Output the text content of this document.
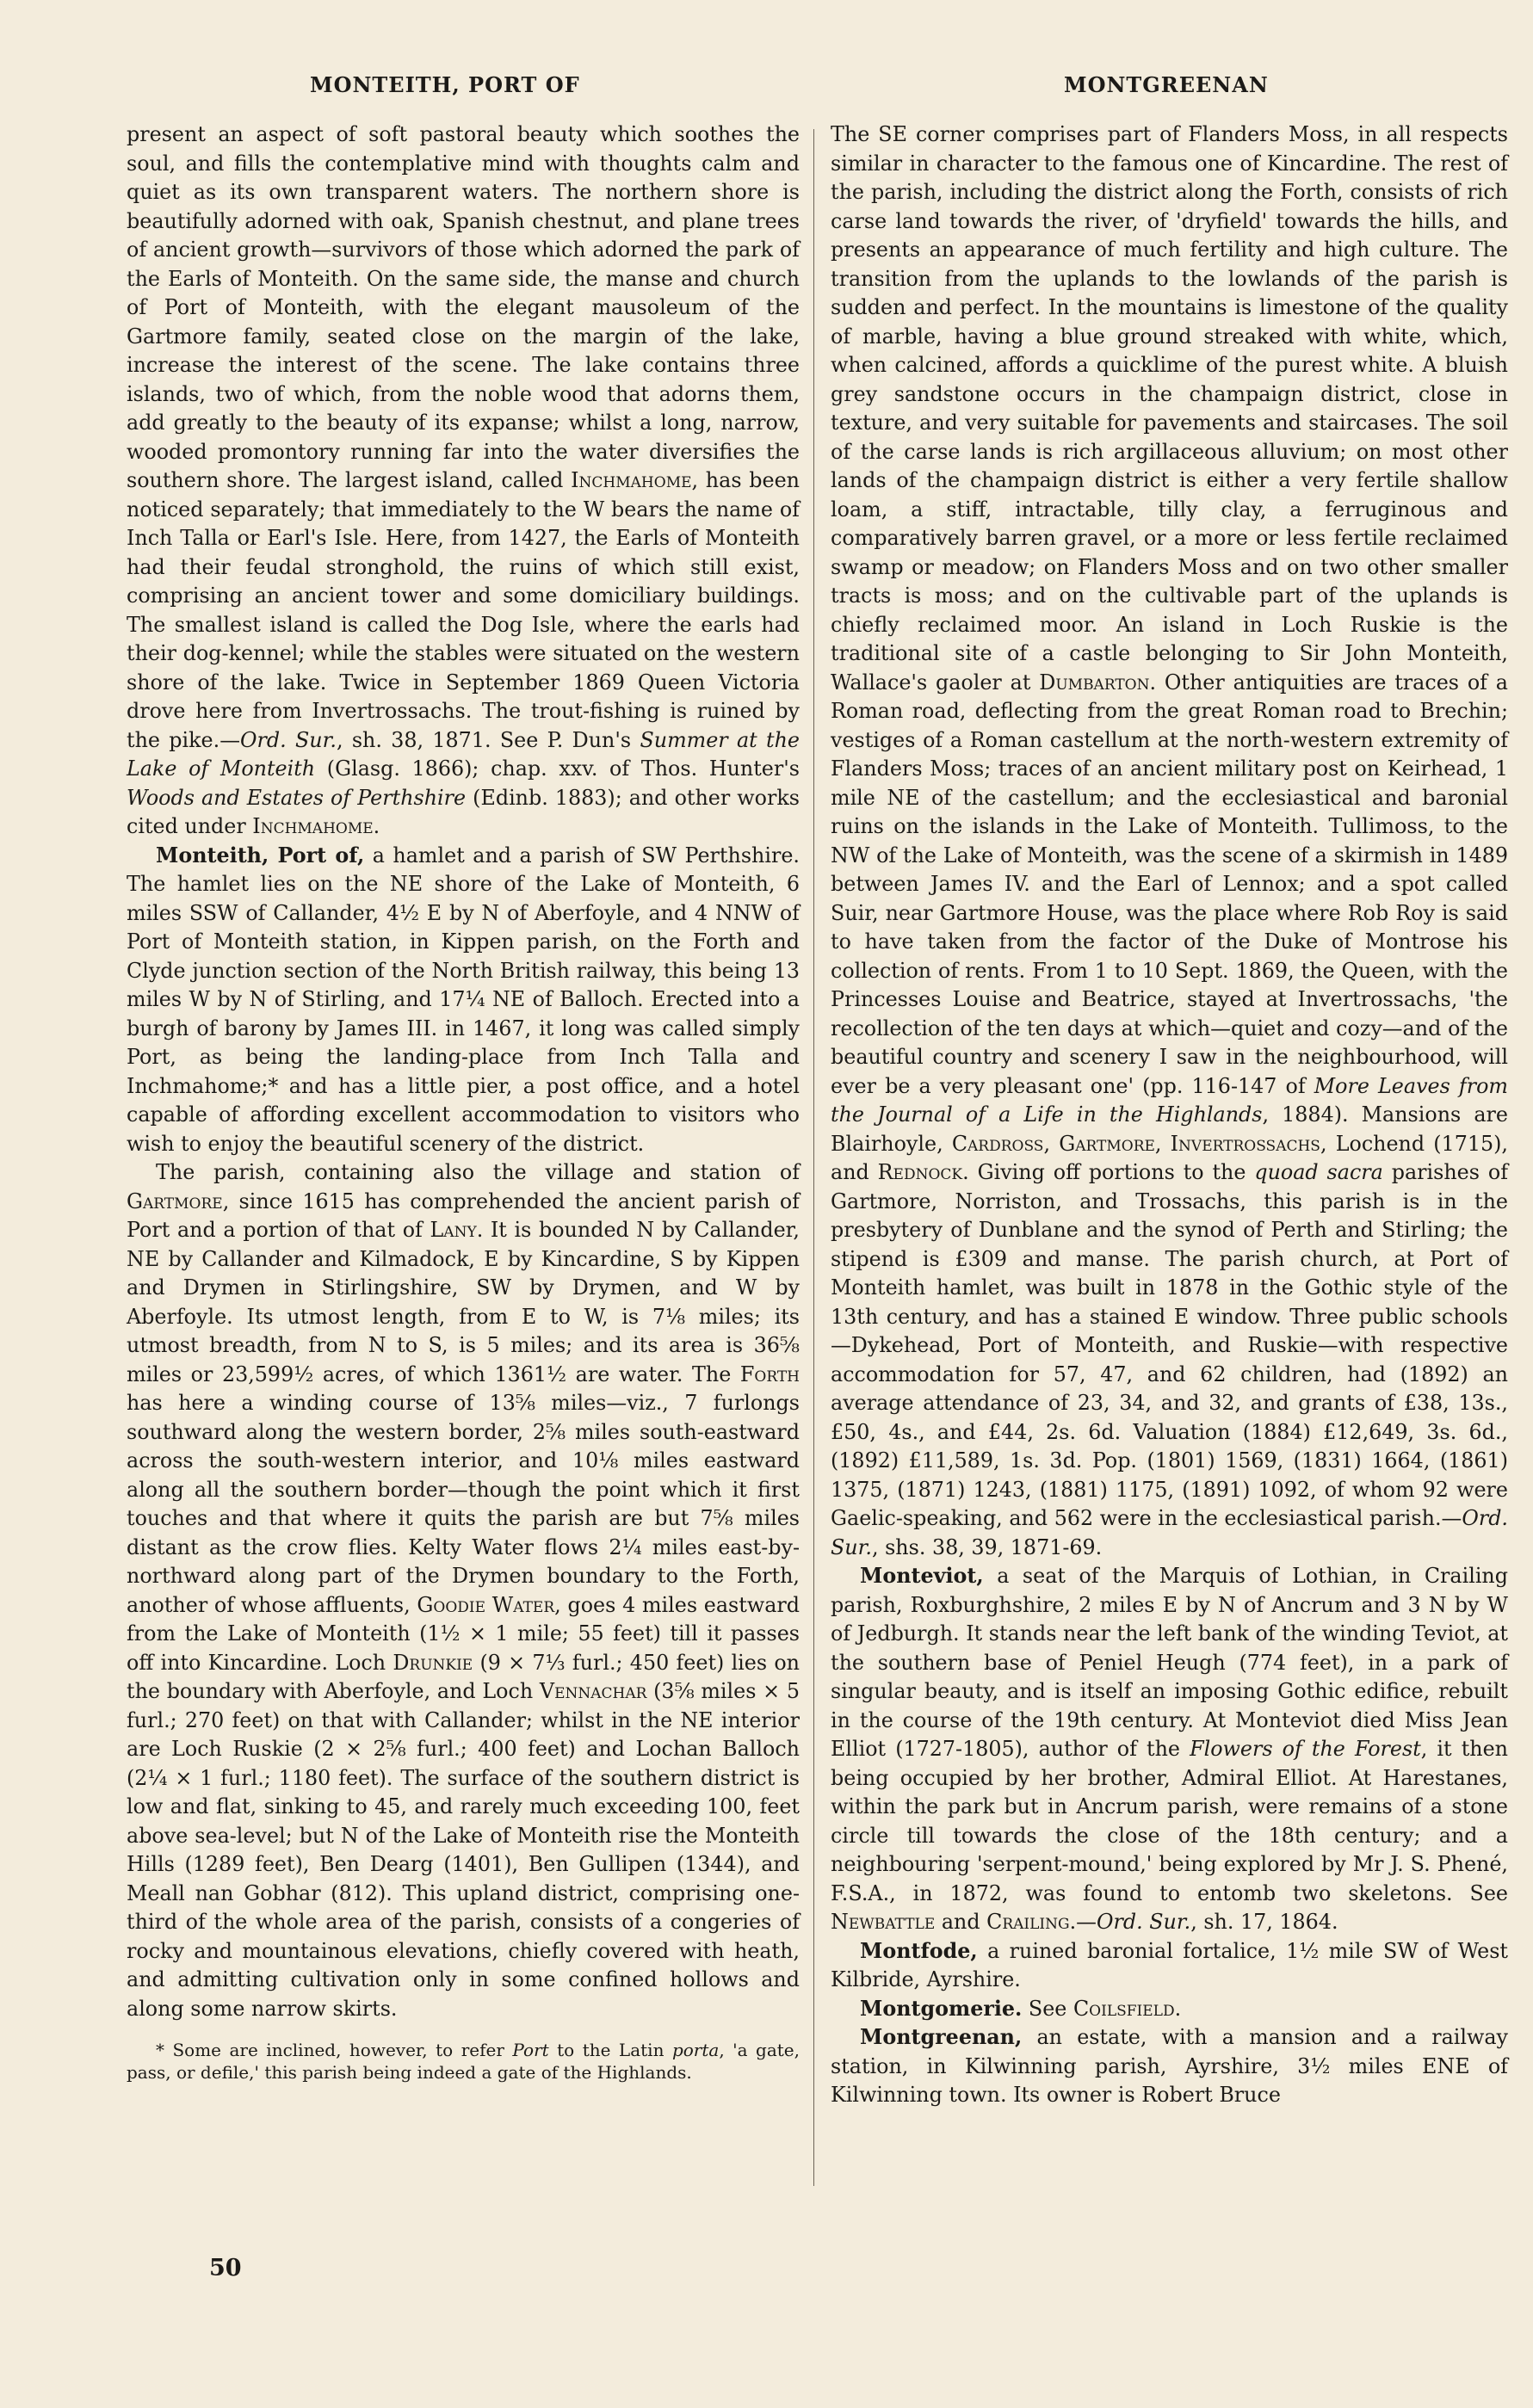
MONTEITH, PORT OF	MONTGREENAN

present an aspect of soft pastoral beauty which soothes the soul, and fills the contemplative mind with thoughts calm and quiet as its own transparent waters. The northern shore is beautifully adorned with oak, Spanish chestnut, and plane trees of ancient growth—survivors of those which adorned the park of the Earls of Monteith. On the same side, the manse and church of Port of Monteith, with the elegant mausoleum of the Gartmore family, seated close on the margin of the lake, increase the interest of the scene. The lake contains three islands, two of which, from the noble wood that adorns them, add greatly to the beauty of its expanse; whilst a long, narrow, wooded promontory running far into the water diversifies the southern shore. The largest island, called Inchmahome, has been noticed separately; that immediately to the W bears the name of Inch Talla or Earl's Isle. Here, from 1427, the Earls of Monteith had their feudal stronghold, the ruins of which still exist, comprising an ancient tower and some domiciliary buildings. The smallest island is called the Dog Isle, where the earls had their dog-kennel; while the stables were situated on the western shore of the lake. Twice in September 1869 Queen Victoria drove here from Invertrossachs. The trout-fishing is ruined by the pike.—Ord. Sur., sh. 38, 1871. See P. Dun's Summer at the Lake of Monteith (Glasg. 1866); chap. xxv. of Thos. Hunter's Woods and Estates of Perthshire (Edinb. 1883); and other works cited under Inchmahome.

Monteith, Port of, a hamlet and a parish of SW Perthshire. The hamlet lies on the NE shore of the Lake of Monteith, 6 miles SSW of Callander, 4½ E by N of Aberfoyle, and 4 NNW of Port of Monteith station, in Kippen parish, on the Forth and Clyde junction section of the North British railway, this being 13 miles W by N of Stirling, and 17¼ NE of Balloch. Erected into a burgh of barony by James III. in 1467, it long was called simply Port, as being the landing-place from Inch Talla and Inchmahome;* and has a little pier, a post office, and a hotel capable of affording excellent accommodation to visitors who wish to enjoy the beautiful scenery of the district.

The parish, containing also the village and station of Gartmore, since 1615 has comprehended the ancient parish of Port and a portion of that of Lany. It is bounded N by Callander, NE by Callander and Kilmadock, E by Kincardine, S by Kippen and Drymen in Stirlingshire, SW by Drymen, and W by Aberfoyle. Its utmost length, from E to W, is 7⅛ miles; its utmost breadth, from N to S, is 5 miles; and its area is 36⅝ miles or 23,599½ acres, of which 1361½ are water. The Forth has here a winding course of 13⅝ miles—viz., 7 furlongs southward along the western border, 2⅝ miles south-eastward across the south-western interior, and 10⅛ miles eastward along all the southern border—though the point which it first touches and that where it quits the parish are but 7⅝ miles distant as the crow flies. Kelty Water flows 2¼ miles east-by-northward along part of the Drymen boundary to the Forth, another of whose affluents, Goodie Water, goes 4 miles eastward from the Lake of Monteith (1½ × 1 mile; 55 feet) till it passes off into Kincardine. Loch Drunkie (9 × 7⅓ furl.; 450 feet) lies on the boundary with Aberfoyle, and Loch Vennachar (3⅝ miles × 5 furl.; 270 feet) on that with Callander; whilst in the NE interior are Loch Ruskie (2 × 2⅝ furl.; 400 feet) and Lochan Balloch (2¼ × 1 furl.; 1180 feet). The surface of the southern district is low and flat, sinking to 45, and rarely much exceeding 100, feet above sea-level; but N of the Lake of Monteith rise the Monteith Hills (1289 feet), Ben Dearg (1401), Ben Gullipen (1344), and Meall nan Gobhar (812). This upland district, comprising one-third of the whole area of the parish, consists of a congeries of rocky and mountainous elevations, chiefly covered with heath, and admitting cultivation only in some confined hollows and along some narrow skirts.

* Some are inclined, however, to refer Port to the Latin porta, 'a gate, pass, or defile,' this parish being indeed a gate of the Highlands.

The SE corner comprises part of Flanders Moss, in all respects similar in character to the famous one of Kincardine. The rest of the parish, including the district along the Forth, consists of rich carse land towards the river, of 'dryfield' towards the hills, and presents an appearance of much fertility and high culture. The transition from the uplands to the lowlands of the parish is sudden and perfect. In the mountains is limestone of the quality of marble, having a blue ground streaked with white, which, when calcined, affords a quicklime of the purest white. A bluish grey sandstone occurs in the champaign district, close in texture, and very suitable for pavements and staircases. The soil of the carse lands is rich argillaceous alluvium; on most other lands of the champaign district is either a very fertile shallow loam, a stiff, intractable, tilly clay, a ferruginous and comparatively barren gravel, or a more or less fertile reclaimed swamp or meadow; on Flanders Moss and on two other smaller tracts is moss; and on the cultivable part of the uplands is chiefly reclaimed moor. An island in Loch Ruskie is the traditional site of a castle belonging to Sir John Monteith, Wallace's gaoler at Dumbarton. Other antiquities are traces of a Roman road, deflecting from the great Roman road to Brechin; vestiges of a Roman castellum at the north-western extremity of Flanders Moss; traces of an ancient military post on Keirhead, 1 mile NE of the castellum; and the ecclesiastical and baronial ruins on the islands in the Lake of Monteith. Tullimoss, to the NW of the Lake of Monteith, was the scene of a skirmish in 1489 between James IV. and the Earl of Lennox; and a spot called Suir, near Gartmore House, was the place where Rob Roy is said to have taken from the factor of the Duke of Montrose his collection of rents. From 1 to 10 Sept. 1869, the Queen, with the Princesses Louise and Beatrice, stayed at Invertrossachs, 'the recollection of the ten days at which—quiet and cozy—and of the beautiful country and scenery I saw in the neighbourhood, will ever be a very pleasant one' (pp. 116-147 of More Leaves from the Journal of a Life in the Highlands, 1884). Mansions are Blairhoyle, Cardross, Gartmore, Invertrossachs, Lochend (1715), and Rednock. Giving off portions to the quoad sacra parishes of Gartmore, Norriston, and Trossachs, this parish is in the presbytery of Dunblane and the synod of Perth and Stirling; the stipend is £309 and manse. The parish church, at Port of Monteith hamlet, was built in 1878 in the Gothic style of the 13th century, and has a stained E window. Three public schools—Dykehead, Port of Monteith, and Ruskie—with respective accommodation for 57, 47, and 62 children, had (1892) an average attendance of 23, 34, and 32, and grants of £38, 13s., £50, 4s., and £44, 2s. 6d. Valuation (1884) £12,649, 3s. 6d., (1892) £11,589, 1s. 3d. Pop. (1801) 1569, (1831) 1664, (1861) 1375, (1871) 1243, (1881) 1175, (1891) 1092, of whom 92 were Gaelic-speaking, and 562 were in the ecclesiastical parish.—Ord. Sur., shs. 38, 39, 1871-69.

Monteviot, a seat of the Marquis of Lothian, in Crailing parish, Roxburghshire, 2 miles E by N of Ancrum and 3 N by W of Jedburgh. It stands near the left bank of the winding Teviot, at the southern base of Peniel Heugh (774 feet), in a park of singular beauty, and is itself an imposing Gothic edifice, rebuilt in the course of the 19th century. At Monteviot died Miss Jean Elliot (1727-1805), author of the Flowers of the Forest, it then being occupied by her brother, Admiral Elliot. At Harestanes, within the park but in Ancrum parish, were remains of a stone circle till towards the close of the 18th century; and a neighbouring 'serpent-mound,' being explored by Mr J. S. Phené, F.S.A., in 1872, was found to entomb two skeletons. See Newbattle and Crailing.—Ord. Sur., sh. 17, 1864.

Montfode, a ruined baronial fortalice, 1½ mile SW of West Kilbride, Ayrshire.

Montgomerie. See Coilsfield.

Montgreenan, an estate, with a mansion and a railway station, in Kilwinning parish, Ayrshire, 3½ miles ENE of Kilwinning town. Its owner is Robert Bruce

50
